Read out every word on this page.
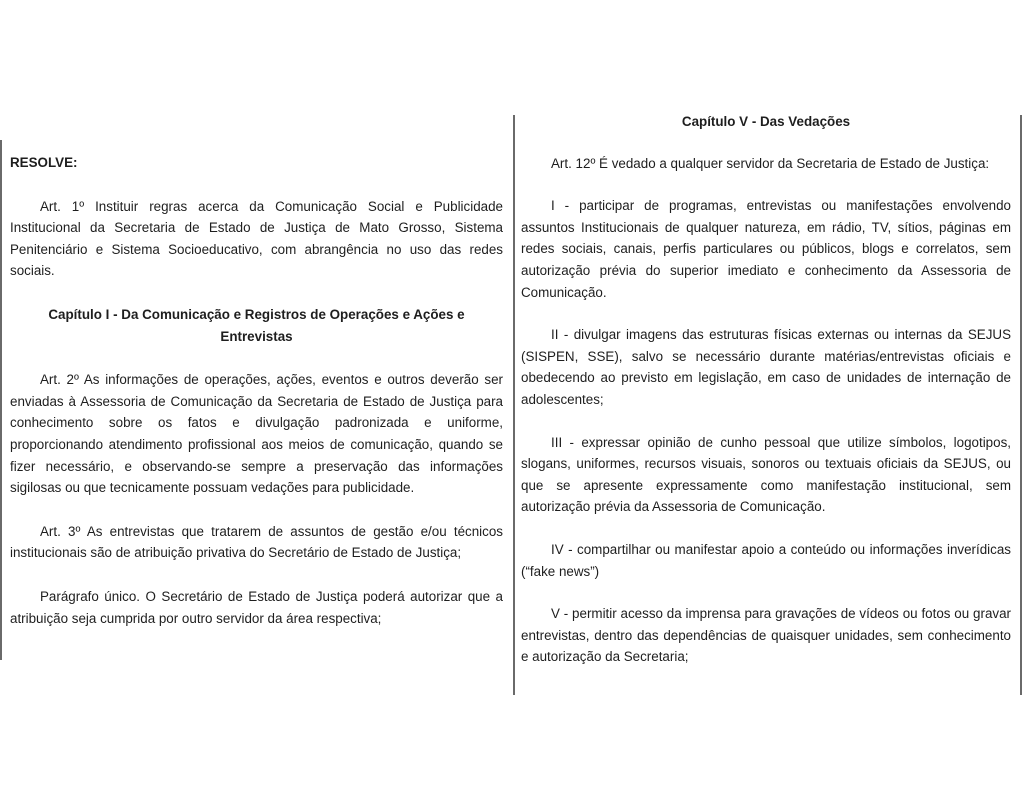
RESOLVE:

Art. 1º Instituir regras acerca da Comunicação Social e Publicidade Institucional da Secretaria de Estado de Justiça de Mato Grosso, Sistema Penitenciário e Sistema Socioeducativo, com abrangência no uso das redes sociais.

Capítulo I - Da Comunicação e Registros de Operações e Ações e Entrevistas

Art. 2º As informações de operações, ações, eventos e outros deverão ser enviadas à Assessoria de Comunicação da Secretaria de Estado de Justiça para conhecimento sobre os fatos e divulgação padronizada e uniforme, proporcionando atendimento profissional aos meios de comunicação, quando se fizer necessário, e observando-se sempre a preservação das informações sigilosas ou que tecnicamente possuam vedações para publicidade.

Art. 3º As entrevistas que tratarem de assuntos de gestão e/ou técnicos institucionais são de atribuição privativa do Secretário de Estado de Justiça;

Parágrafo único. O Secretário de Estado de Justiça poderá autorizar que a atribuição seja cumprida por outro servidor da área respectiva;

Capítulo V - Das Vedações

Art. 12º É vedado a qualquer servidor da Secretaria de Estado de Justiça:

I - participar de programas, entrevistas ou manifestações envolvendo assuntos Institucionais de qualquer natureza, em rádio, TV, sítios, páginas em redes sociais, canais, perfis particulares ou públicos, blogs e correlatos, sem autorização prévia do superior imediato e conhecimento da Assessoria de Comunicação.

II - divulgar imagens das estruturas físicas externas ou internas da SEJUS (SISPEN, SSE), salvo se necessário durante matérias/entrevistas oficiais e obedecendo ao previsto em legislação, em caso de unidades de internação de adolescentes;

III - expressar opinião de cunho pessoal que utilize símbolos, logotipos, slogans, uniformes, recursos visuais, sonoros ou textuais oficiais da SEJUS, ou que se apresente expressamente como manifestação institucional, sem autorização prévia da Assessoria de Comunicação.

IV - compartilhar ou manifestar apoio a conteúdo ou informações inverídicas (“fake news”)

V - permitir acesso da imprensa para gravações de vídeos ou fotos ou gravar entrevistas, dentro das dependências de quaisquer unidades, sem conhecimento e autorização da Secretaria;
